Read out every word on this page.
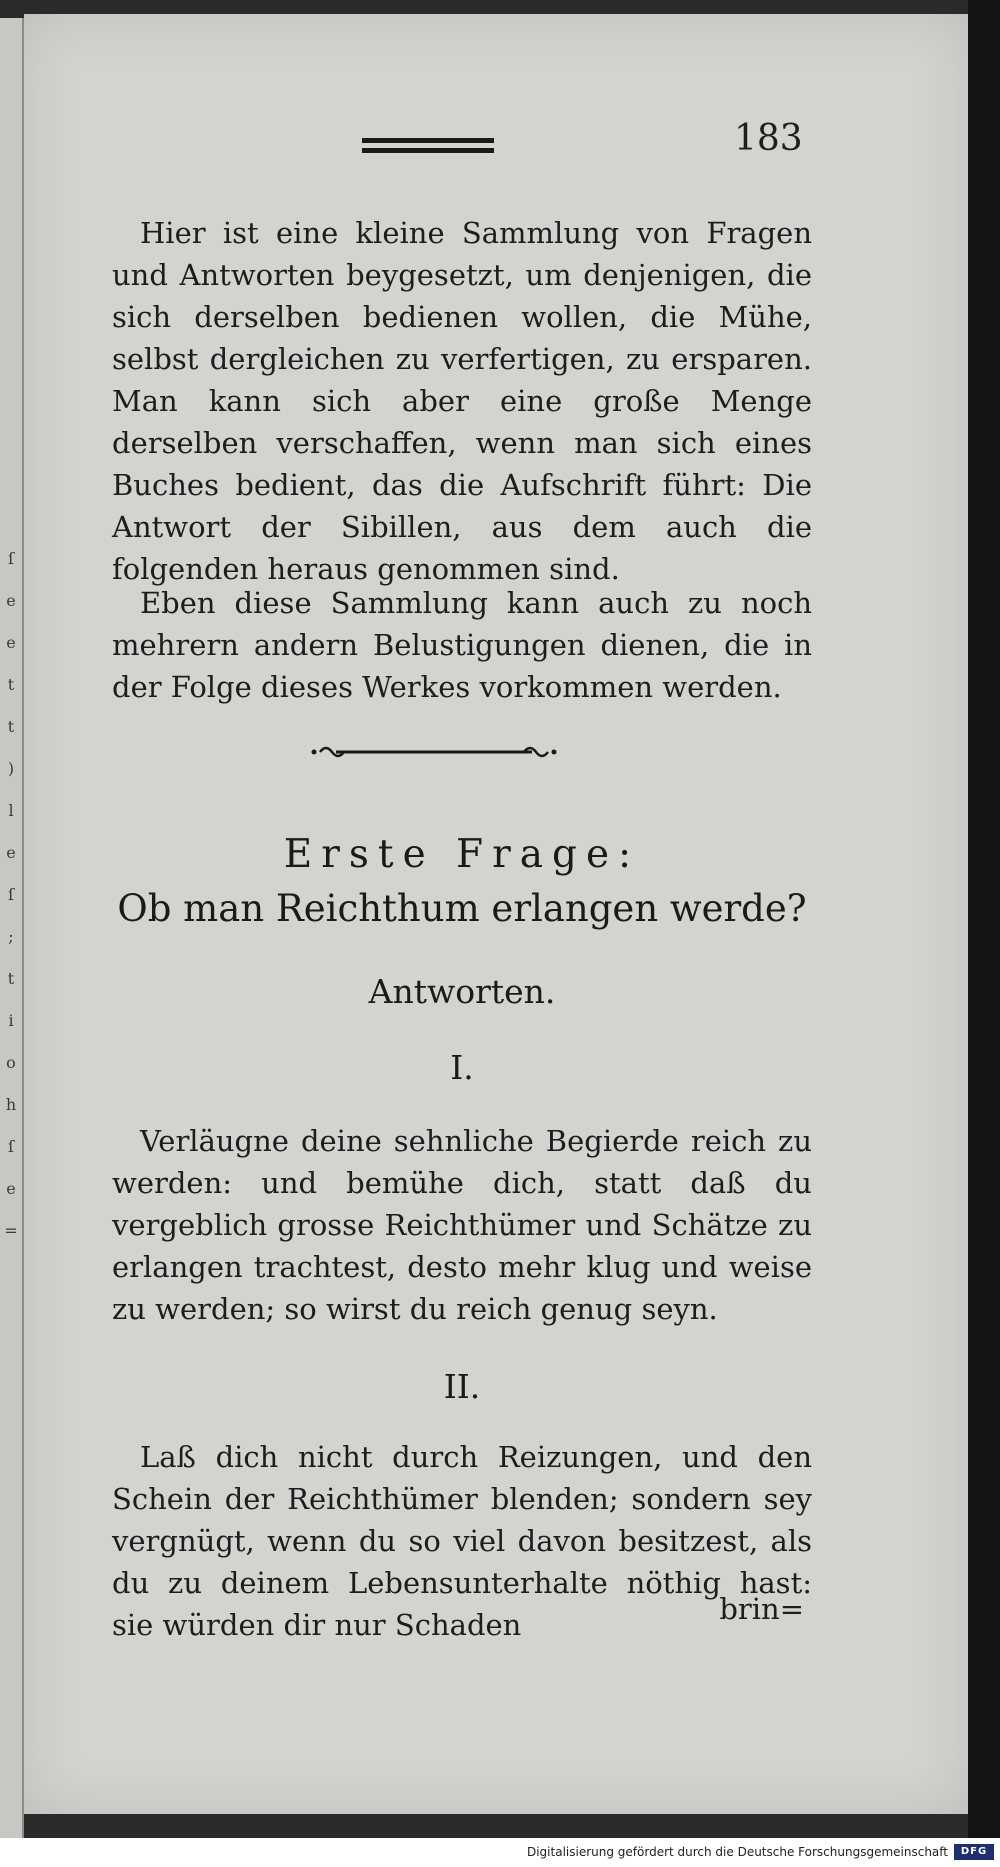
ſ
e
e
t
t
)
l
e
ſ
;
t
i
o
h
ſ
e
=
183

Hier ist eine kleine Sammlung von Fragen und Antworten beygesetzt, um denjenigen, die sich derselben bedienen wollen, die Mühe, selbst dergleichen zu verfertigen, zu ersparen. Man kann sich aber eine große Menge derselben verschaffen, wenn man sich eines Buches bedient, das die Aufschrift führt: Die Antwort der Sibillen, aus dem auch die folgenden heraus genommen sind.

Eben diese Sammlung kann auch zu noch mehrern andern Belustigungen dienen, die in der Folge dieses Werkes vorkommen werden.

Erste Frage:
Ob man Reichthum erlangen werde?
Antworten.
I.

Verläugne deine sehnliche Begierde reich zu werden: und bemühe dich, statt daß du vergeblich grosse Reichthümer und Schätze zu erlangen trachtest, desto mehr klug und weise zu werden; so wirst du reich genug seyn.

II.

Laß dich nicht durch Reizungen, und den Schein der Reichthümer blenden; sondern sey vergnügt, wenn du so viel davon besitzest, als du zu deinem Lebensunterhalte nöthig hast: sie würden dir nur Schaden	brin=
Digitalisierung gefördert durch die Deutsche Forschungsgemeinschaft	DFG
